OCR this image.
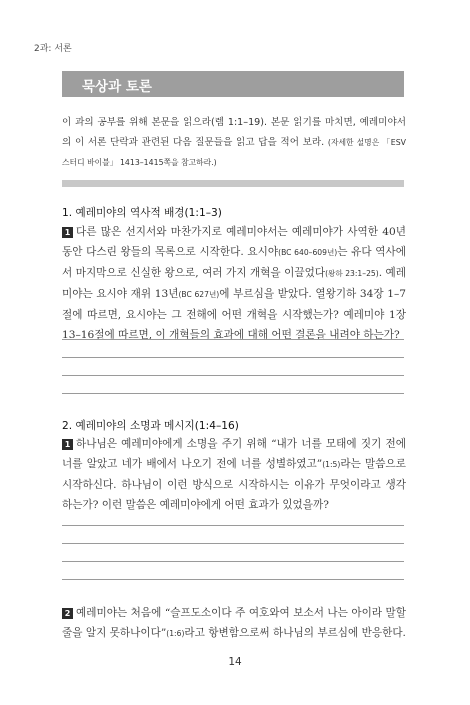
2과: 서론
묵상과 토론
이 과의 공부를 위해 본문을 읽으라(렘 1:1–19). 본문 읽기를 마치면, 예레미야서의 이 서론 단락과 관련된 다음 질문들을 읽고 답을 적어 보라. (자세한 설명은 「ESV 스터디 바이블」 1413–1415쪽을 참고하라.)
1. 예레미야의 역사적 배경(1:1–3)
1 다른 많은 선지서와 마찬가지로 예레미야서는 예레미야가 사역한 40년 동안 다스린 왕들의 목록으로 시작한다. 요시야(BC 640–609년)는 유다 역사에서 마지막으로 신실한 왕으로, 여러 가지 개혁을 이끌었다(왕하 23:1–25). 예레미야는 요시야 재위 13년(BC 627년)에 부르심을 받았다. 열왕기하 34장 1–7절에 따르면, 요시야는 그 전해에 어떤 개혁을 시작했는가? 예레미야 1장 13–16절에 따르면, 이 개혁들의 효과에 대해 어떤 결론을 내려야 하는가?
2. 예레미야의 소명과 메시지(1:4–16)
1 하나님은 예레미야에게 소명을 주기 위해 “내가 너를 모태에 짓기 전에 너를 알았고 네가 배에서 나오기 전에 너를 성별하였고”(1:5)라는 말씀으로 시작하신다. 하나님이 이런 방식으로 시작하시는 이유가 무엇이라고 생각하는가? 이런 말씀은 예레미야에게 어떤 효과가 있었을까?
2 예레미야는 처음에 “슬프도소이다 주 여호와여 보소서 나는 아이라 말할 줄을 알지 못하나이다”(1:6)라고 항변함으로써 하나님의 부르심에 반응한다.
14
